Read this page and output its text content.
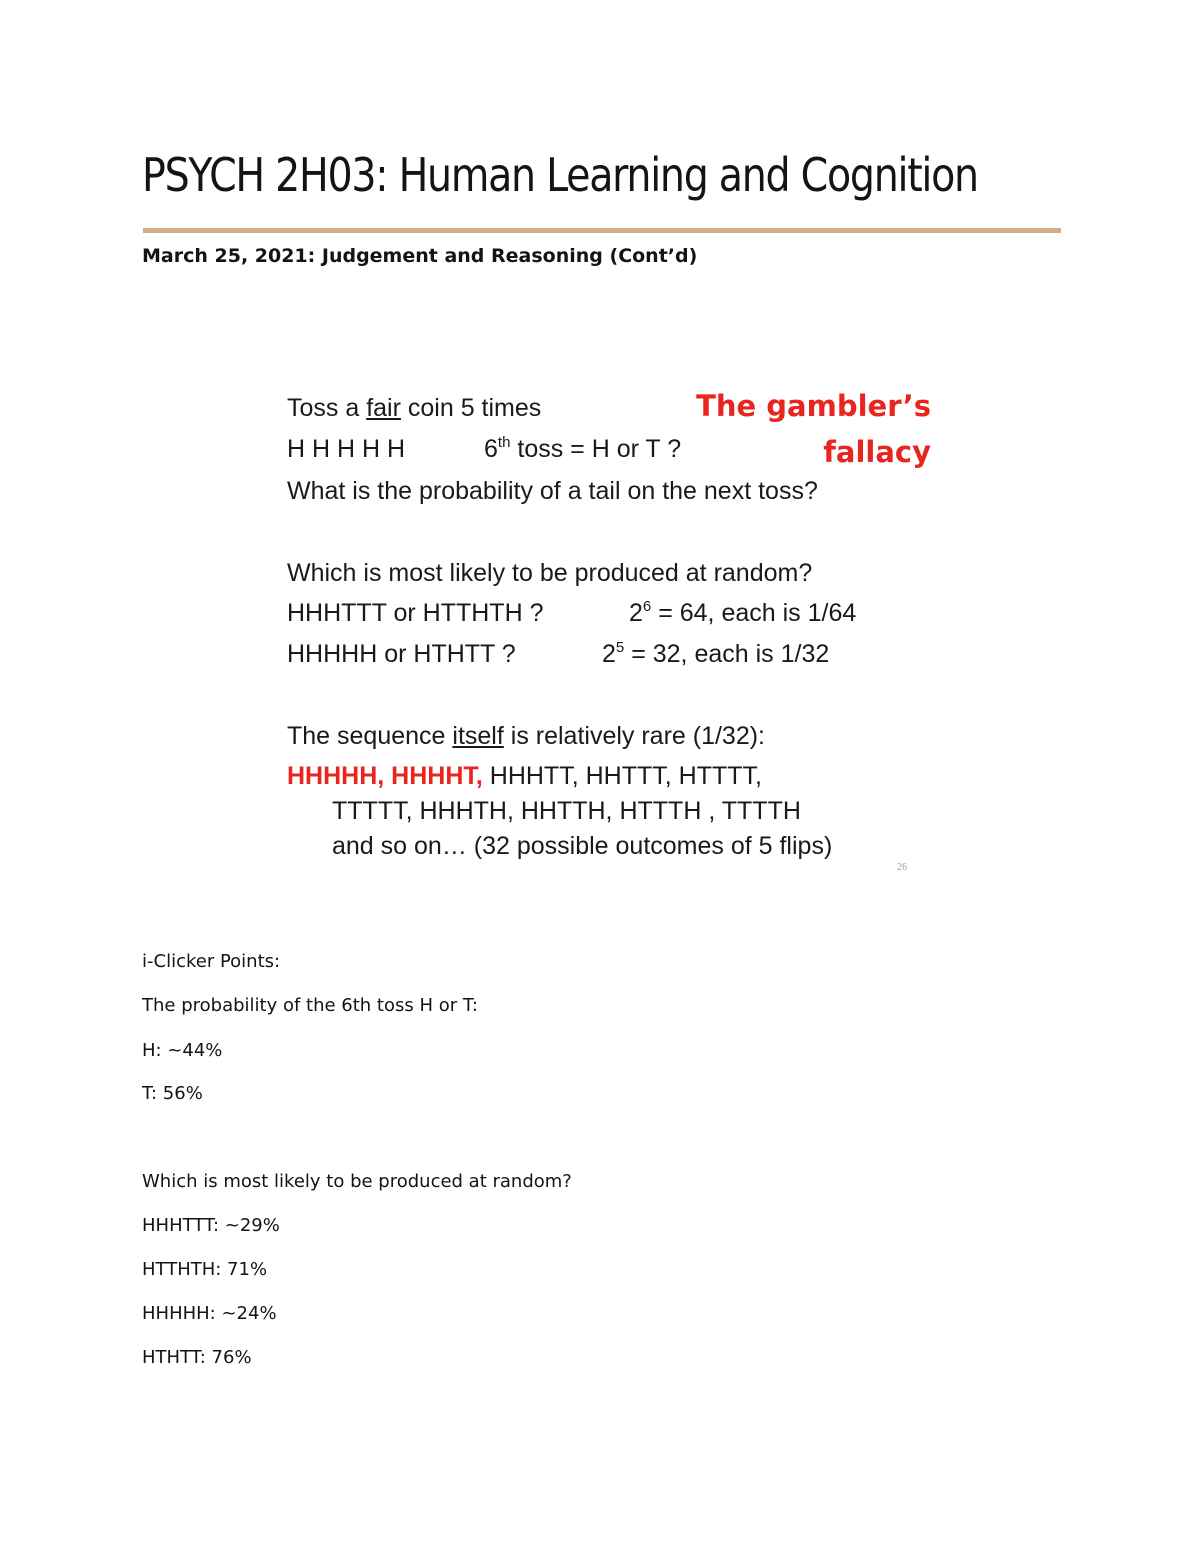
PSYCH 2H03: Human Learning and Cognition
March 25, 2021: Judgement and Reasoning (Cont’d)
Toss a fair coin 5 times
H H H H H	6th toss = H or T ?
What is the probability of a tail on the next toss?
Which is most likely to be produced at random?
HHHTTT or HTTHTH ?	$2^6 = 64$, each is 1/64
HHHHH or HTHTT ?	$2^5 = 32$, each is 1/32
The sequence itself is relatively rare (1/32):
HHHHH, HHHHT, HHHTT, HHTTT, HTTTT,
TTTTT, HHHTH, HHTTH, HTTTH , TTTTH
and so on… (32 possible outcomes of 5 flips)
The gambler’s
fallacy
26
i-Clicker Points:
The probability of the 6th toss H or T:
H: ~44%
T: 56%
Which is most likely to be produced at random?
HHHTTT: ~29%
HTTHTH: 71%
HHHHH: ~24%
HTHTT: 76%
